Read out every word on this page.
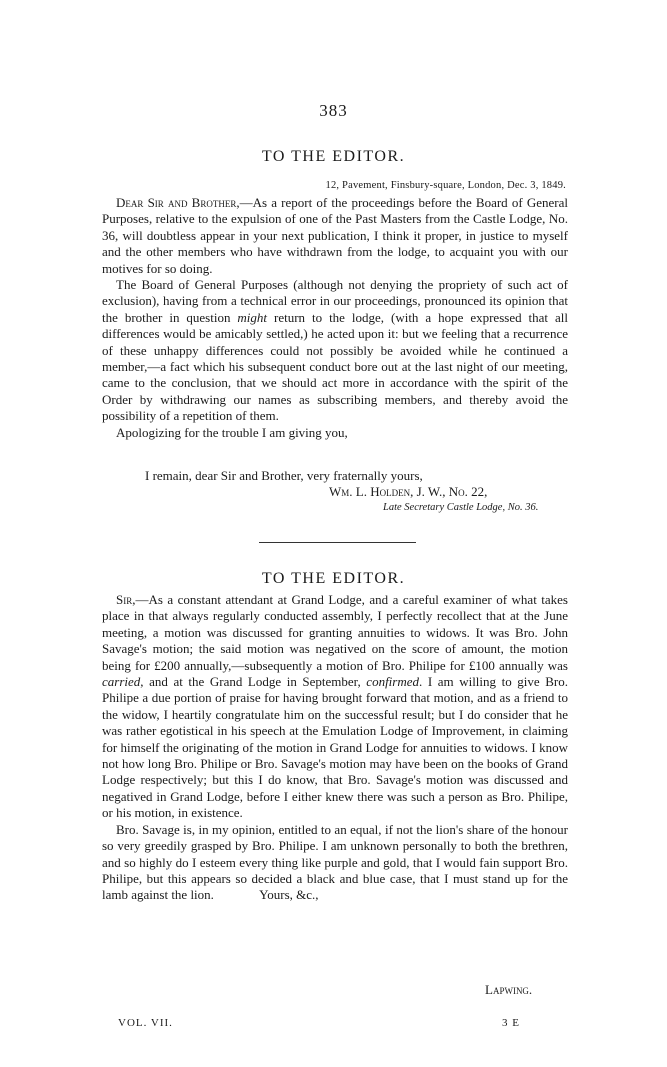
383
TO THE EDITOR.
12, Pavement, Finsbury-square, London, Dec. 3, 1849.

Dear Sir and Brother,—As a report of the proceedings before the Board of General Purposes, relative to the expulsion of one of the Past Masters from the Castle Lodge, No. 36, will doubtless appear in your next publication, I think it proper, in justice to myself and the other members who have withdrawn from the lodge, to acquaint you with our motives for so doing.

The Board of General Purposes (although not denying the propriety of such act of exclusion), having from a technical error in our proceedings, pronounced its opinion that the brother in question might return to the lodge, (with a hope expressed that all differences would be amicably settled,) he acted upon it: but we feeling that a recurrence of these unhappy differences could not possibly be avoided while he continued a member,—a fact which his subsequent conduct bore out at the last night of our meeting, came to the conclusion, that we should act more in accordance with the spirit of the Order by withdrawing our names as subscribing members, and thereby avoid the possibility of a repetition of them.

Apologizing for the trouble I am giving you,

I remain, dear Sir and Brother, very fraternally yours,
Wm. L. Holden, J. W., No. 22,
Late Secretary Castle Lodge, No. 36.
TO THE EDITOR.

Sir,—As a constant attendant at Grand Lodge, and a careful examiner of what takes place in that always regularly conducted assembly, I perfectly recollect that at the June meeting, a motion was discussed for granting annuities to widows. It was Bro. John Savage's motion; the said motion was negatived on the score of amount, the motion being for £200 annually,—subsequently a motion of Bro. Philipe for £100 annually was carried, and at the Grand Lodge in September, confirmed. I am willing to give Bro. Philipe a due portion of praise for having brought forward that motion, and as a friend to the widow, I heartily congratulate him on the successful result; but I do consider that he was rather egotistical in his speech at the Emulation Lodge of Improvement, in claiming for himself the originating of the motion in Grand Lodge for annuities to widows. I know not how long Bro. Philipe or Bro. Savage's motion may have been on the books of Grand Lodge respectively; but this I do know, that Bro. Savage's motion was discussed and negatived in Grand Lodge, before I either knew there was such a person as Bro. Philipe, or his motion, in existence.

Bro. Savage is, in my opinion, entitled to an equal, if not the lion's share of the honour so very greedily grasped by Bro. Philipe. I am unknown personally to both the brethren, and so highly do I esteem every thing like purple and gold, that I would fain support Bro. Philipe, but this appears so decided a black and blue case, that I must stand up for the lamb against the lion.	Yours, &c.,

Lapwing.
VOL. VII.	3 E
